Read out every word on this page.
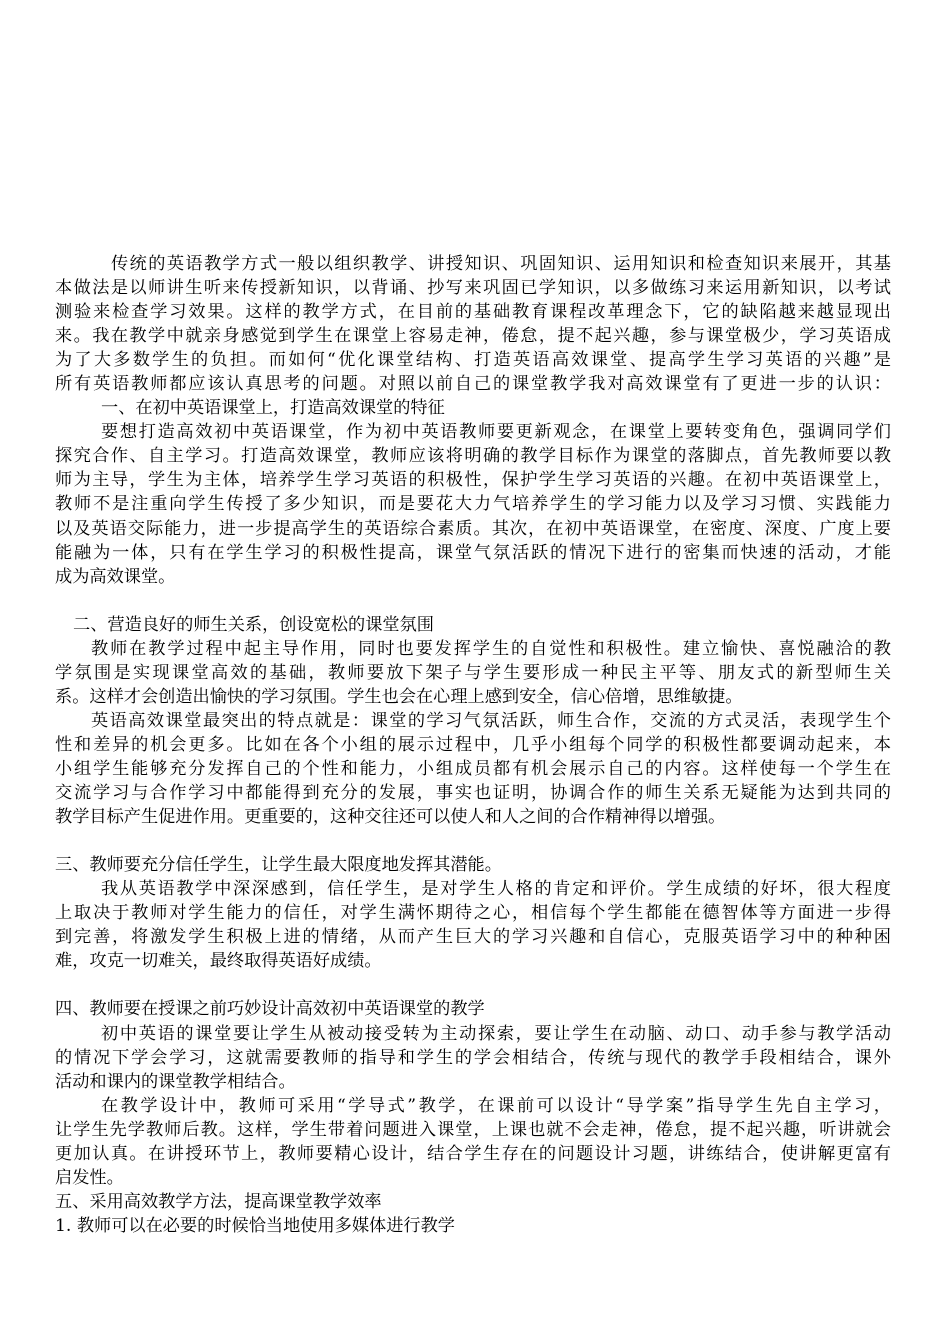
传统的英语教学方式一般以组织教学、讲授知识、巩固知识、运用知识和检查知识来展开，其基
本做法是以师讲生听来传授新知识，以背诵、抄写来巩固已学知识，以多做练习来运用新知识，以考试
测验来检查学习效果。这样的教学方式，在目前的基础教育课程改革理念下，它的缺陷越来越显现出
来。我在教学中就亲身感觉到学生在课堂上容易走神，倦怠，提不起兴趣，参与课堂极少，学习英语成
为了大多数学生的负担。而如何“优化课堂结构、打造英语高效课堂、提高学生学习英语的兴趣”是
所有英语教师都应该认真思考的问题。对照以前自己的课堂教学我对高效课堂有了更进一步的认识：
一、在初中英语课堂上，打造高效课堂的特征
要想打造高效初中英语课堂，作为初中英语教师要更新观念，在课堂上要转变角色，强调同学们
探究合作、自主学习。打造高效课堂，教师应该将明确的教学目标作为课堂的落脚点，首先教师要以教
师为主导，学生为主体，培养学生学习英语的积极性，保护学生学习英语的兴趣。在初中英语课堂上，
教师不是注重向学生传授了多少知识，而是要花大力气培养学生的学习能力以及学习习惯、实践能力
以及英语交际能力，进一步提高学生的英语综合素质。其次，在初中英语课堂，在密度、深度、广度上要
能融为一体，只有在学生学习的积极性提高，课堂气氛活跃的情况下进行的密集而快速的活动，才能
成为高效课堂。
二、营造良好的师生关系，创设宽松的课堂氛围
教师在教学过程中起主导作用，同时也要发挥学生的自觉性和积极性。建立愉快、喜悦融洽的教
学氛围是实现课堂高效的基础，教师要放下架子与学生要形成一种民主平等、朋友式的新型师生关
系。这样才会创造出愉快的学习氛围。学生也会在心理上感到安全，信心倍增，思维敏捷。
英语高效课堂最突出的特点就是：课堂的学习气氛活跃，师生合作，交流的方式灵活，表现学生个
性和差异的机会更多。比如在各个小组的展示过程中，几乎小组每个同学的积极性都要调动起来，本
小组学生能够充分发挥自己的个性和能力，小组成员都有机会展示自己的内容。这样使每一个学生在
交流学习与合作学习中都能得到充分的发展，事实也证明，协调合作的师生关系无疑能为达到共同的
教学目标产生促进作用。更重要的，这种交往还可以使人和人之间的合作精神得以增强。
三、教师要充分信任学生，让学生最大限度地发挥其潜能。
我从英语教学中深深感到，信任学生，是对学生人格的肯定和评价。学生成绩的好坏，很大程度
上取决于教师对学生能力的信任，对学生满怀期待之心，相信每个学生都能在德智体等方面进一步得
到完善，将激发学生积极上进的情绪，从而产生巨大的学习兴趣和自信心，克服英语学习中的种种困
难，攻克一切难关，最终取得英语好成绩。
四、教师要在授课之前巧妙设计高效初中英语课堂的教学
初中英语的课堂要让学生从被动接受转为主动探索，要让学生在动脑、动口、动手参与教学活动
的情况下学会学习，这就需要教师的指导和学生的学会相结合，传统与现代的教学手段相结合，课外
活动和课内的课堂教学相结合。
在教学设计中，教师可采用“学导式”教学，在课前可以设计“导学案”指导学生先自主学习，
让学生先学教师后教。这样，学生带着问题进入课堂，上课也就不会走神，倦怠，提不起兴趣，听讲就会
更加认真。在讲授环节上，教师要精心设计，结合学生存在的问题设计习题，讲练结合，使讲解更富有
启发性。
五、采用高效教学方法，提高课堂教学效率
1. 教师可以在必要的时候恰当地使用多媒体进行教学
